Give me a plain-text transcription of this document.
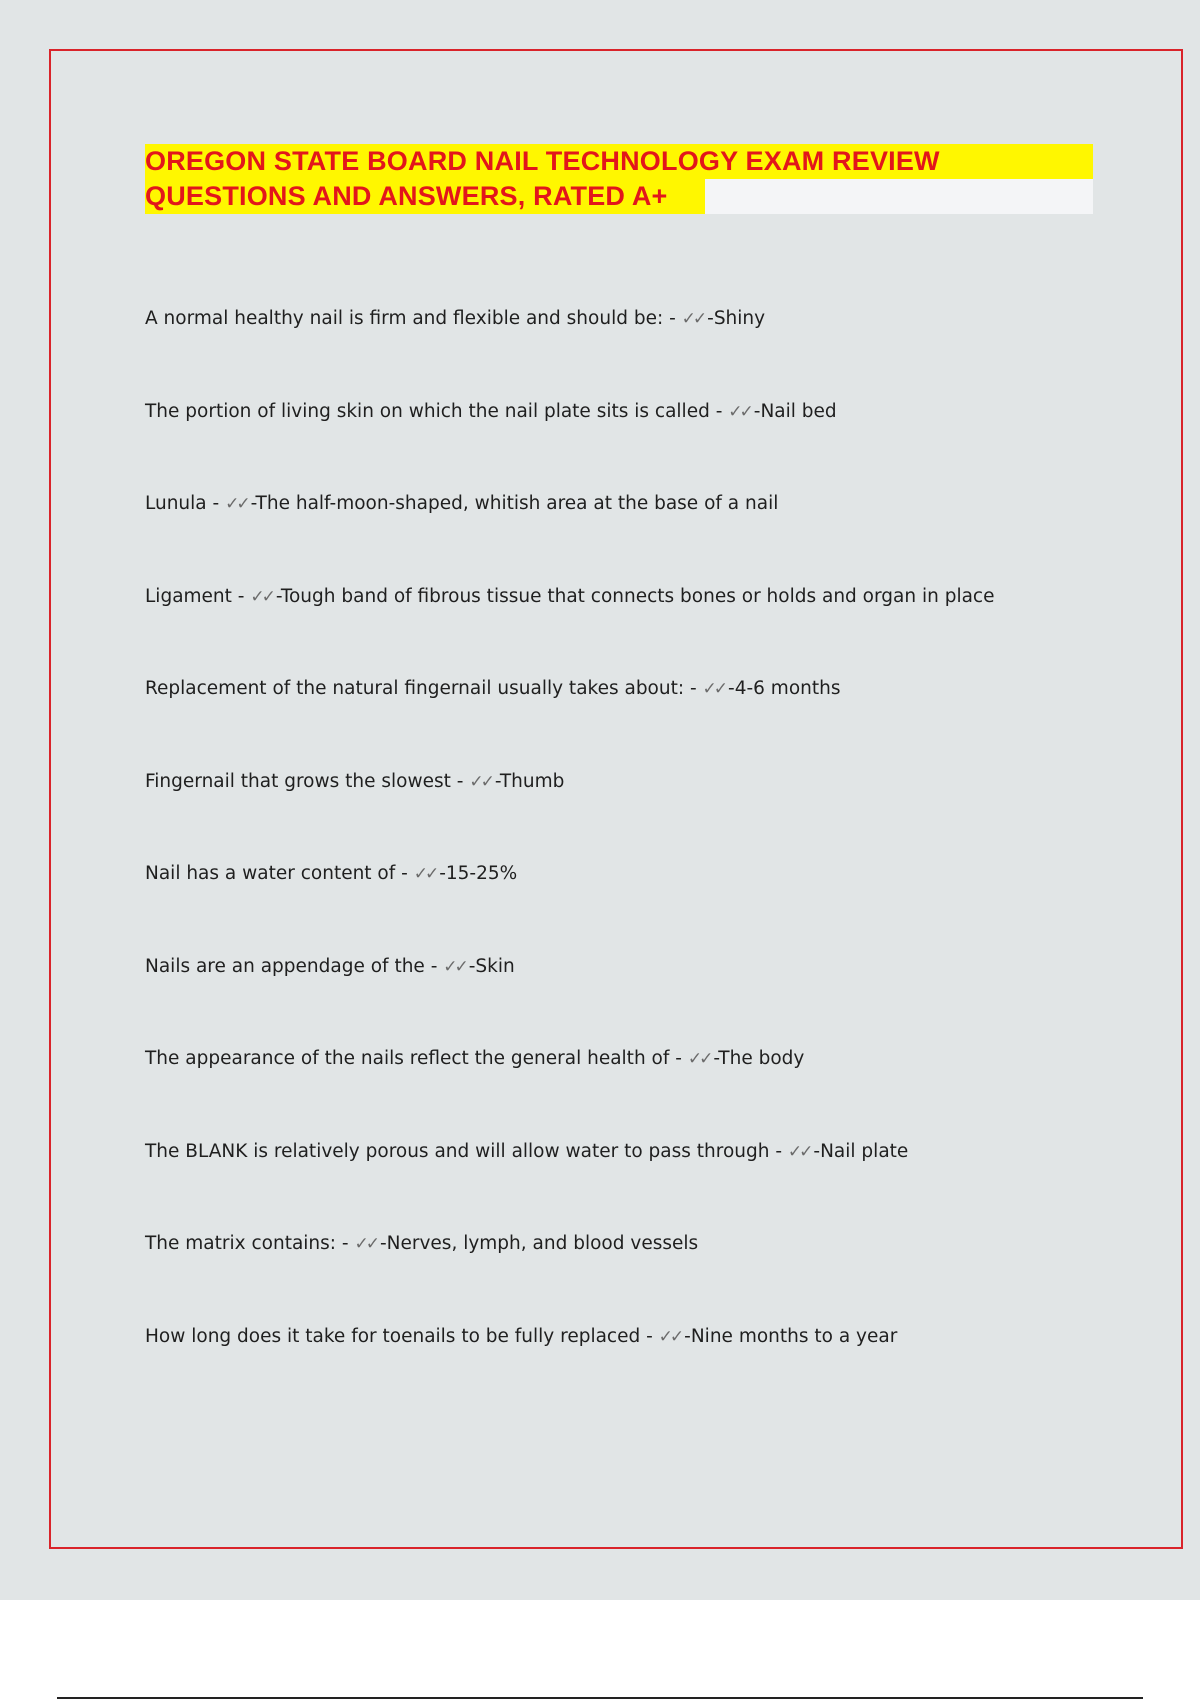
OREGON STATE BOARD NAIL TECHNOLOGY EXAM REVIEW
QUESTIONS AND ANSWERS, RATED A+
A normal healthy nail is firm and flexible and should be: - ✓✓ -Shiny
The portion of living skin on which the nail plate sits is called - ✓✓ -Nail bed
Lunula - ✓✓ -The half-moon-shaped, whitish area at the base of a nail
Ligament - ✓✓ -Tough band of fibrous tissue that connects bones or holds and organ in place
Replacement of the natural fingernail usually takes about: - ✓✓ -4-6 months
Fingernail that grows the slowest - ✓✓ -Thumb
Nail has a water content of - ✓✓ -15-25%
Nails are an appendage of the - ✓✓ -Skin
The appearance of the nails reflect the general health of - ✓✓ -The body
The BLANK is relatively porous and will allow water to pass through - ✓✓ -Nail plate
The matrix contains: - ✓✓ -Nerves, lymph, and blood vessels
How long does it take for toenails to be fully replaced - ✓✓ -Nine months to a year
